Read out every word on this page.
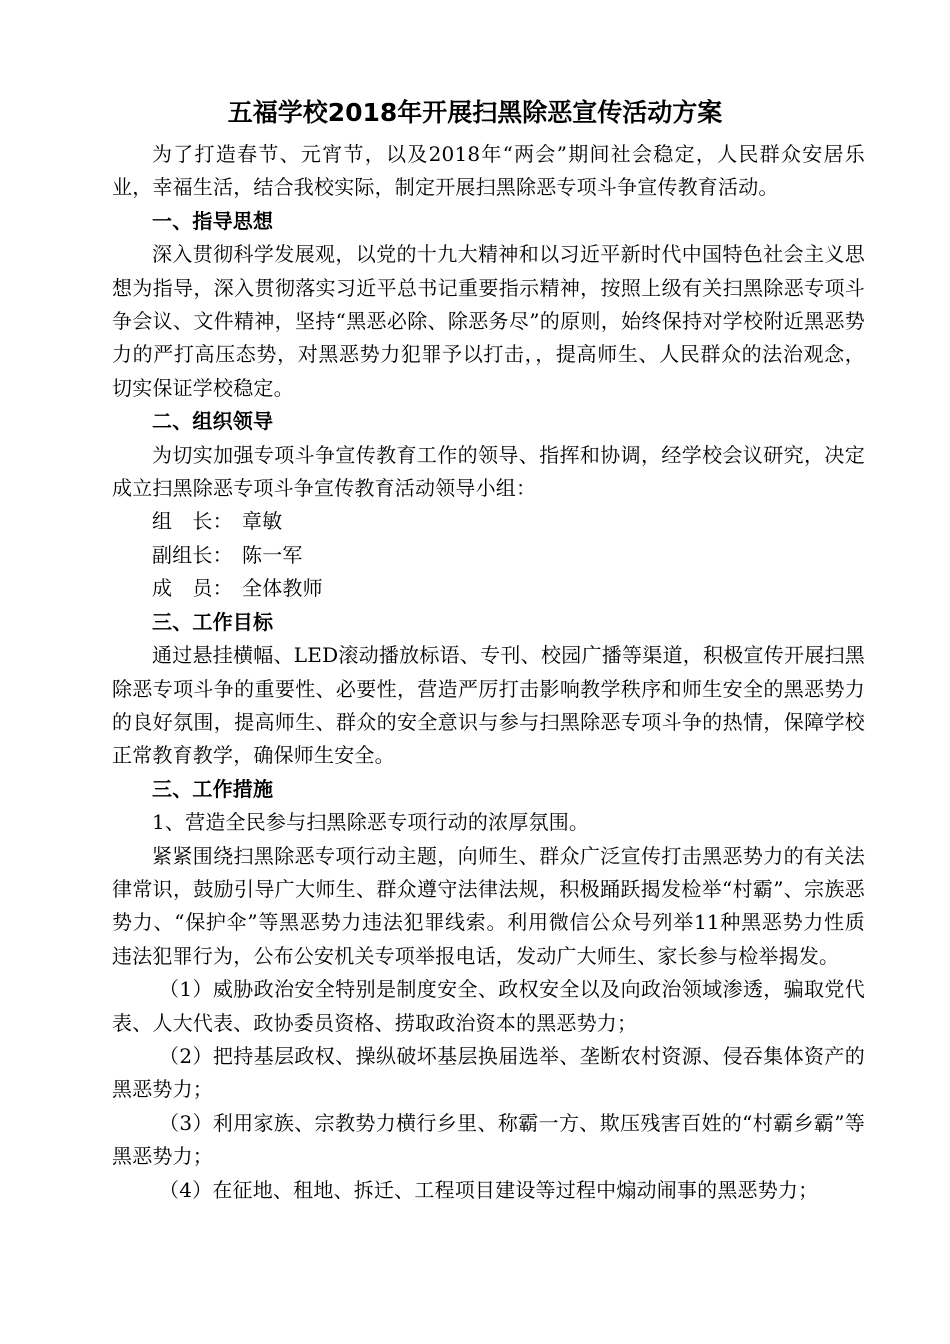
五福学校2018年开展扫黑除恶宣传活动方案

为了打造春节、元宵节，以及2018年“两会”期间社会稳定，人民群众安居乐业，幸福生活，结合我校实际，制定开展扫黑除恶专项斗争宣传教育活动。

一、指导思想

深入贯彻科学发展观，以党的十九大精神和以习近平新时代中国特色社会主义思想为指导，深入贯彻落实习近平总书记重要指示精神，按照上级有关扫黑除恶专项斗争会议、文件精神，坚持“黑恶必除、除恶务尽”的原则，始终保持对学校附近黑恶势力的严打高压态势，对黑恶势力犯罪予以打击，，提高师生、人民群众的法治观念，切实保证学校稳定。

二、组织领导

为切实加强专项斗争宣传教育工作的领导、指挥和协调，经学校会议研究，决定成立扫黑除恶专项斗争宣传教育活动领导小组：

组　长： 章敏

副组长： 陈一军

成　员： 全体教师

三、工作目标

通过悬挂横幅、LED滚动播放标语、专刊、校园广播等渠道，积极宣传开展扫黑除恶专项斗争的重要性、必要性，营造严厉打击影响教学秩序和师生安全的黑恶势力的良好氛围，提高师生、群众的安全意识与参与扫黑除恶专项斗争的热情，保障学校正常教育教学，确保师生安全。

三、工作措施

1、营造全民参与扫黑除恶专项行动的浓厚氛围。

紧紧围绕扫黑除恶专项行动主题，向师生、群众广泛宣传打击黑恶势力的有关法律常识，鼓励引导广大师生、群众遵守法律法规，积极踊跃揭发检举“村霸”、宗族恶势力、“保护伞”等黑恶势力违法犯罪线索。利用微信公众号列举11种黑恶势力性质违法犯罪行为，公布公安机关专项举报电话，发动广大师生、家长参与检举揭发。

（1）威胁政治安全特别是制度安全、政权安全以及向政治领域渗透，骗取党代表、人大代表、政协委员资格、捞取政治资本的黑恶势力；

（2）把持基层政权、操纵破坏基层换届选举、垄断农村资源、侵吞集体资产的黑恶势力；

（3）利用家族、宗教势力横行乡里、称霸一方、欺压残害百姓的“村霸乡霸”等黑恶势力；

（4）在征地、租地、拆迁、工程项目建设等过程中煽动闹事的黑恶势力；
